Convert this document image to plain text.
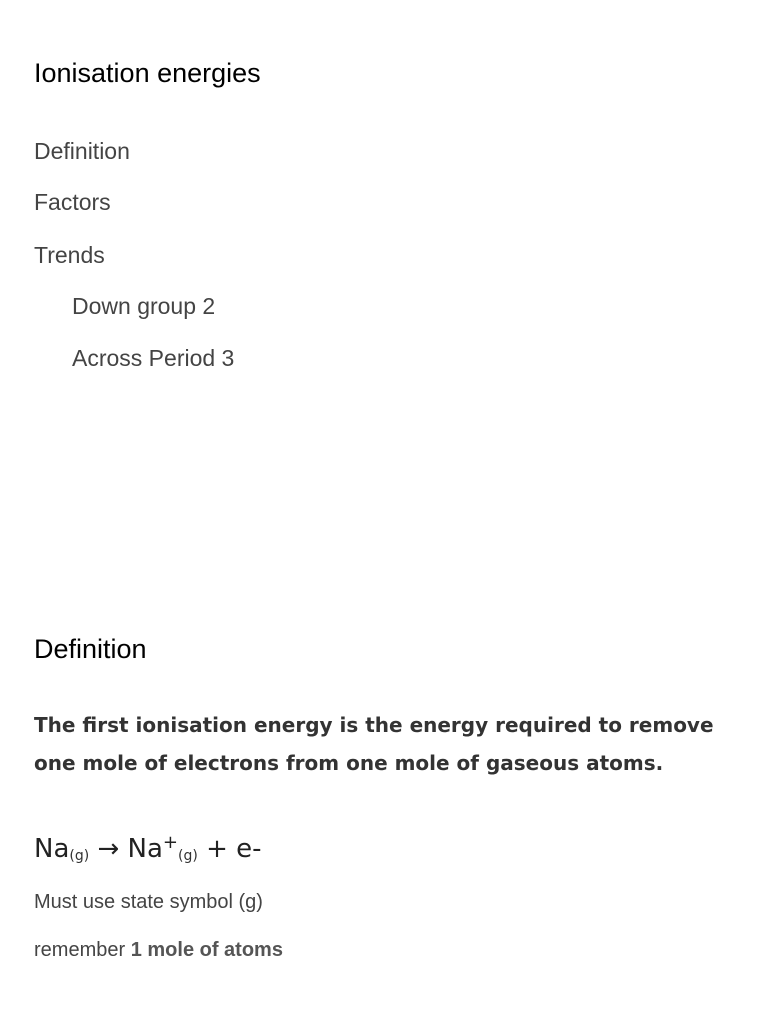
Ionisation energies
Definition
Factors
Trends
Down group 2
Across Period 3
Definition

The first ionisation energy is the energy required to remove one mole of electrons from one mole of gaseous atoms.

Na(g) → Na+(g) + e-

Must use state symbol (g)

remember 1 mole of atoms
